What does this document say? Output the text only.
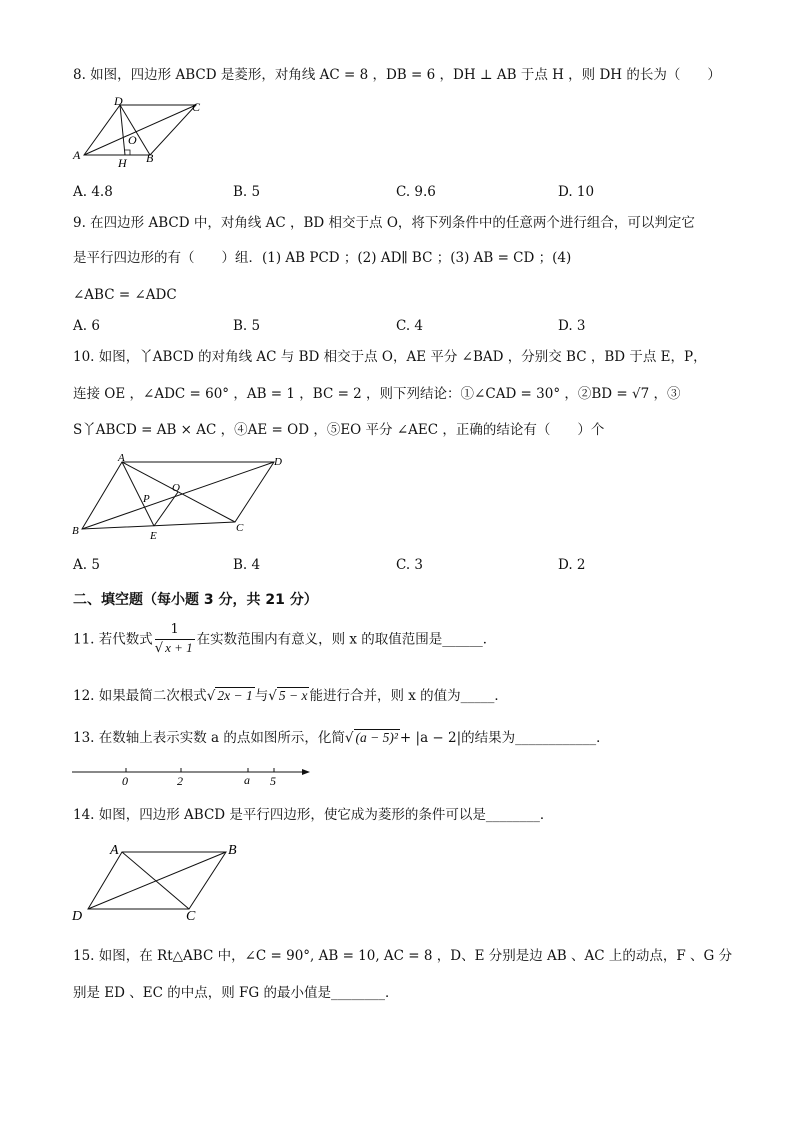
8. 如图，四边形 ABCD 是菱形，对角线 AC = 8 ，DB = 6 ，DH ⊥ AB 于点 H ，则 DH 的长为（　　）
A
D	C
B
H
O
A. 4.8	B. 5	C. 9.6	D. 10
9. 在四边形 ABCD 中，对角线 AC ，BD 相交于点 O，将下列条件中的任意两个进行组合，可以判定它
是平行四边形的有（　　）组．(1) AB PCD ；(2) AD∥ BC ；(3) AB = CD ；(4)
∠ABC = ∠ADC
A. 6	B. 5	C. 4	D. 3
10. 如图，丫ABCD 的对角线 AC 与 BD 相交于点 O，AE 平分 ∠BAD ，分别交 BC ，BD 于点 E，P，
连接 OE ，∠ADC = 60° ，AB = 1 ，BC = 2 ，则下列结论：①∠CAD = 30° ，②BD = √7 ，③
S丫ABCD = AB × AC ，④AE = OD ，⑤EO 平分 ∠AEC ，正确的结论有（　　）个
B
A	D
C
E
P
O
A. 5	B. 4	C. 3	D. 2
二、填空题（每小题 3 分，共 21 分）
11. 若代数式 $\frac{1}{√ x + 1}$ 在实数范围内有意义，则 x 的取值范围是______．
12. 如果最简二次根式√ 2x − 1 与√ 5 − x 能进行合并，则 x 的值为_____．
13. 在数轴上表示实数 a 的点如图所示，化简√ (a − 5)² + |a − 2|的结果为____________．
0	2	a 5
14. 如图，四边形 ABCD 是平行四边形，使它成为菱形的条件可以是________．
A	B
D	C
15. 如图，在 Rt△ABC 中，∠C = 90°, AB = 10, AC = 8 ，D、E 分别是边 AB 、AC 上的动点，F 、G 分
别是 ED 、EC 的中点，则 FG 的最小值是________．
